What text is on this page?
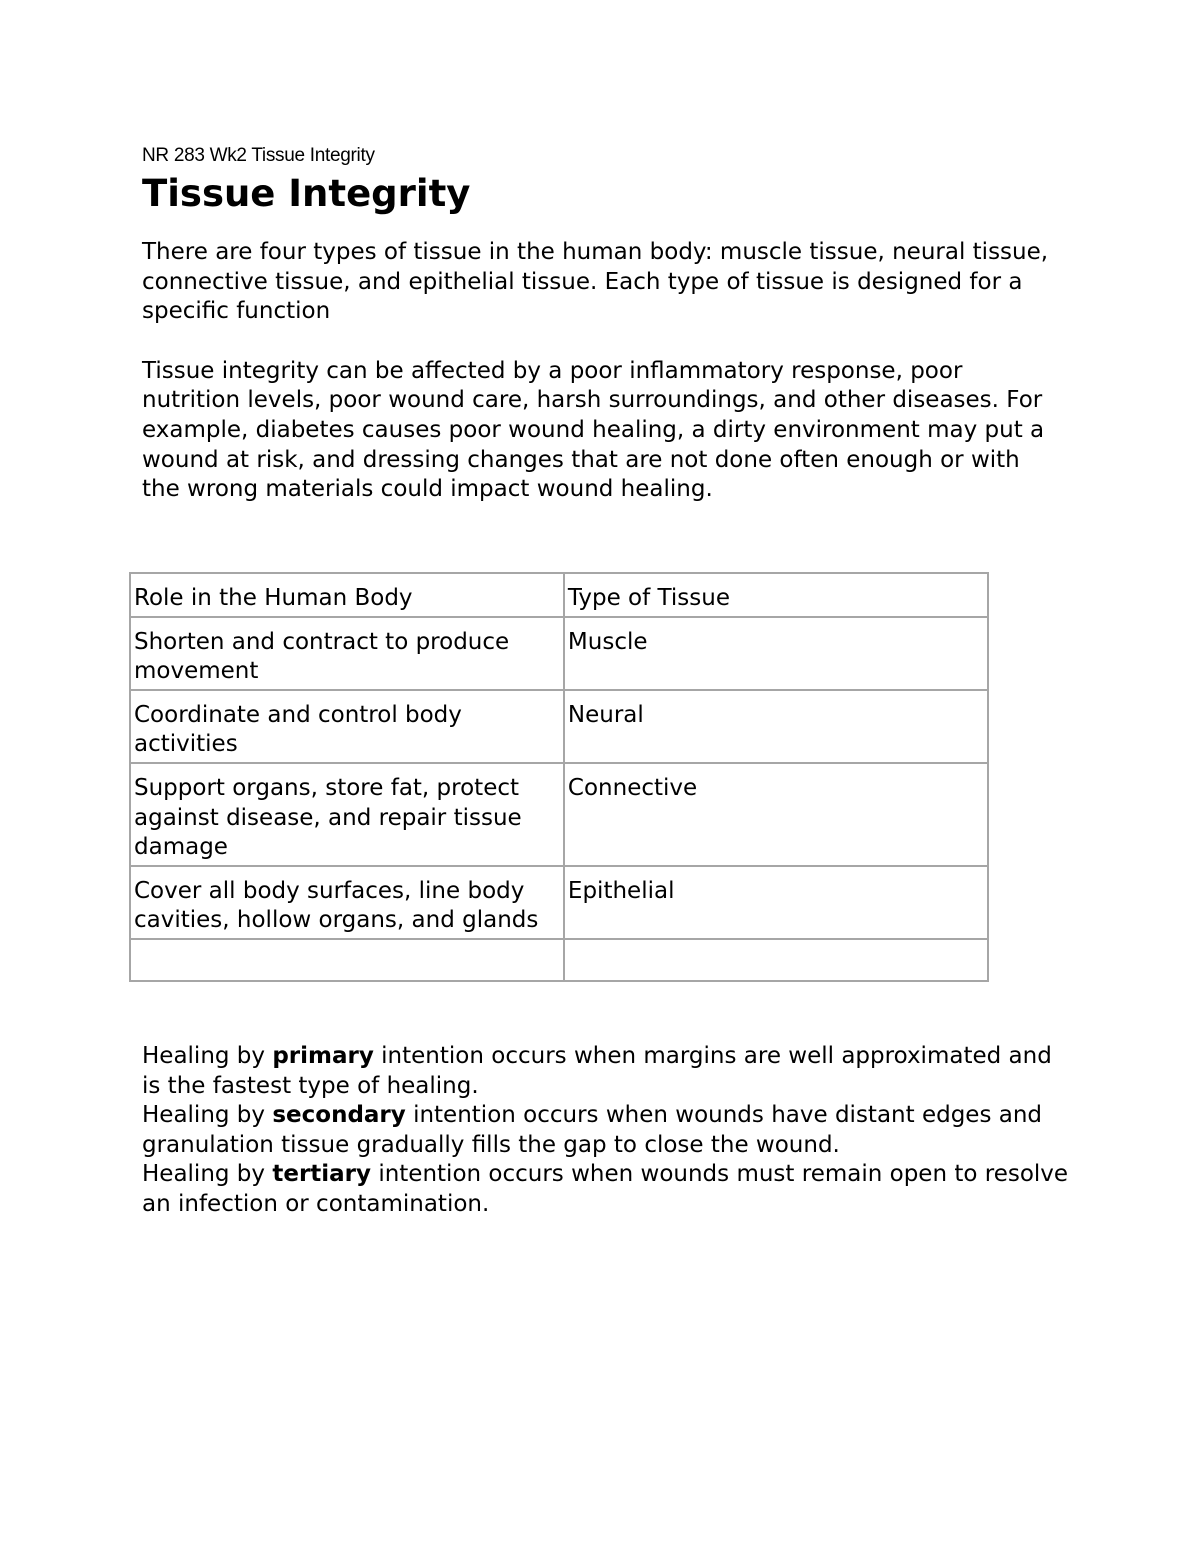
NR 283 Wk2 Tissue Integrity

Tissue Integrity

There are four types of tissue in the human body: muscle tissue, neural tissue, connective tissue, and epithelial tissue. Each type of tissue is designed for a specific function

Tissue integrity can be affected by a poor inflammatory response, poor nutrition levels, poor wound care, harsh surroundings, and other diseases. For example, diabetes causes poor wound healing, a dirty environment may put a wound at risk, and dressing changes that are not done often enough or with the wrong materials could impact wound healing.

Role in the Human Body	Type of Tissue
Shorten and contract to produce movement	Muscle
Coordinate and control body activities	Neural
Support organs, store fat, protect against disease, and repair tissue damage	Connective
Cover all body surfaces, line body cavities, hollow organs, and glands	Epithelial

Healing by primary intention occurs when margins are well approximated and is the fastest type of healing.

Healing by secondary intention occurs when wounds have distant edges and granulation tissue gradually fills the gap to close the wound.

Healing by tertiary intention occurs when wounds must remain open to resolve an infection or contamination.
